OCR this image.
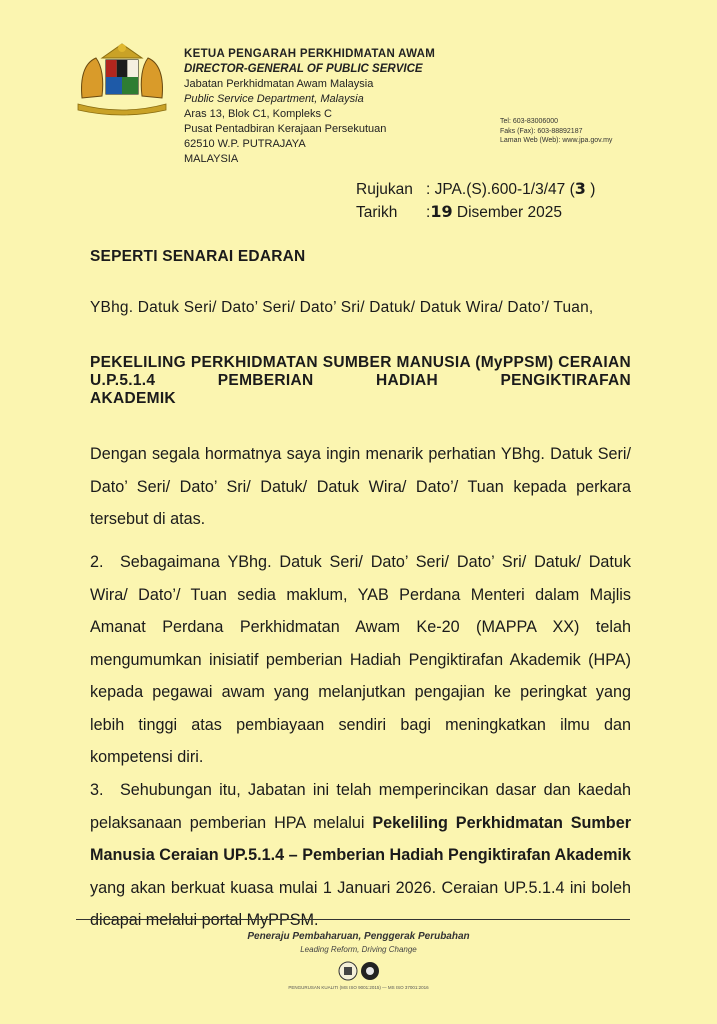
KETUA PENGARAH PERKHIDMATAN AWAM
DIRECTOR-GENERAL OF PUBLIC SERVICE
Jabatan Perkhidmatan Awam Malaysia
Public Service Department, Malaysia
Aras 13, Blok C1, Kompleks C
Pusat Pentadbiran Kerajaan Persekutuan
62510 W.P. PUTRAJAYA
MALAYSIA
Tel: 603-83006000
Faks (Fax): 603-88892187
Laman Web (Web): www.jpa.gov.my
Rujukan : JPA.(S).600-1/3/47 (3 )
Tarikh :19 Disember 2025
SEPERTI SENARAI EDARAN
YBhg. Datuk Seri/ Dato’ Seri/ Dato’ Sri/ Datuk/ Datuk Wira/ Dato’/ Tuan,
PEKELILING PERKHIDMATAN SUMBER MANUSIA (MyPPSM) CERAIAN U.P.5.1.4 PEMBERIAN HADIAH PENGIKTIRAFAN
AKADEMIK
Dengan segala hormatnya saya ingin menarik perhatian YBhg. Datuk Seri/ Dato’ Seri/ Dato’ Sri/ Datuk/ Datuk Wira/ Dato’/ Tuan kepada perkara tersebut di atas.
2. Sebagaimana YBhg. Datuk Seri/ Dato’ Seri/ Dato’ Sri/ Datuk/ Datuk Wira/ Dato’/ Tuan sedia maklum, YAB Perdana Menteri dalam Majlis Amanat Perdana Perkhidmatan Awam Ke-20 (MAPPA XX) telah mengumumkan inisiatif pemberian Hadiah Pengiktirafan Akademik (HPA) kepada pegawai awam yang melanjutkan pengajian ke peringkat yang lebih tinggi atas pembiayaan sendiri bagi meningkatkan ilmu dan kompetensi diri.
3. Sehubungan itu, Jabatan ini telah memperincikan dasar dan kaedah pelaksanaan pemberian HPA melalui Pekeliling Perkhidmatan Sumber Manusia Ceraian UP.5.1.4 – Pemberian Hadiah Pengiktirafan Akademik yang akan berkuat kuasa mulai 1 Januari 2026. Ceraian UP.5.1.4 ini boleh dicapai melalui portal MyPPSM.
Peneraju Pembaharuan, Penggerak Perubahan
Leading Reform, Driving Change
PENGURUSAN KUALITI (MS ISO 9001:2015) — MS ISO 37001:2016
